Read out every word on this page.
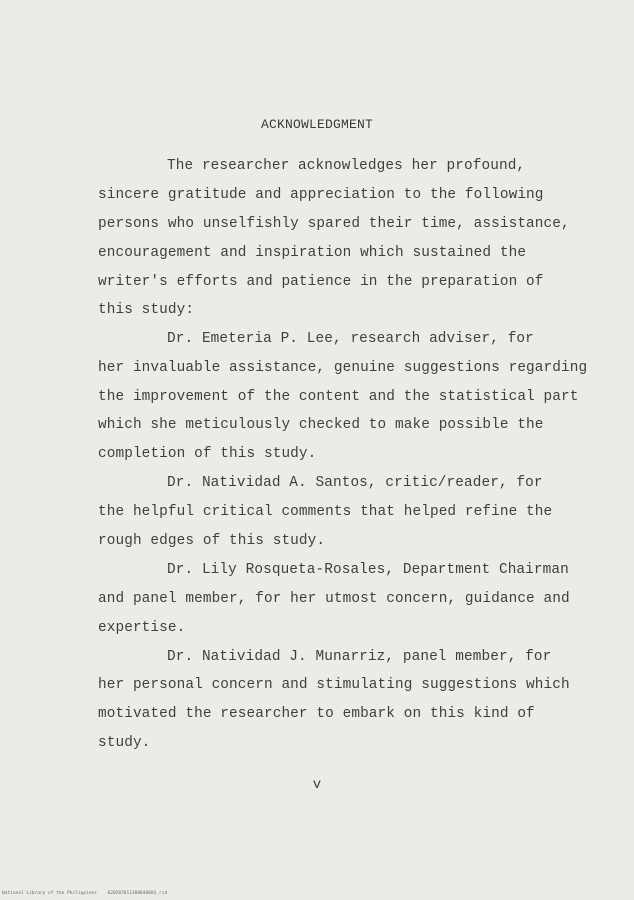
ACKNOWLEDGMENT
The researcher acknowledges her profound,
sincere gratitude and appreciation to the following
persons who unselfishly spared their time, assistance,
encouragement and inspiration which sustained the
writer's efforts and patience in the preparation of
this study:
Dr. Emeteria P. Lee, research adviser, for
her invaluable assistance, genuine suggestions regarding
the improvement of the content and the statistical part
which she meticulously checked to make possible the
completion of this study.
Dr. Natividad A. Santos, critic/reader, for
the helpful critical comments that helped refine the
rough edges of this study.
Dr. Lily Rosqueta-Rosales, Department Chairman
and panel member, for her utmost concern, guidance and
expertise.
Dr. Natividad J. Munarriz, panel member, for
her personal concern and stimulating suggestions which
motivated the researcher to embark on this kind of
study.
v
National Library of the Philippines 02020781130004000S_rid
